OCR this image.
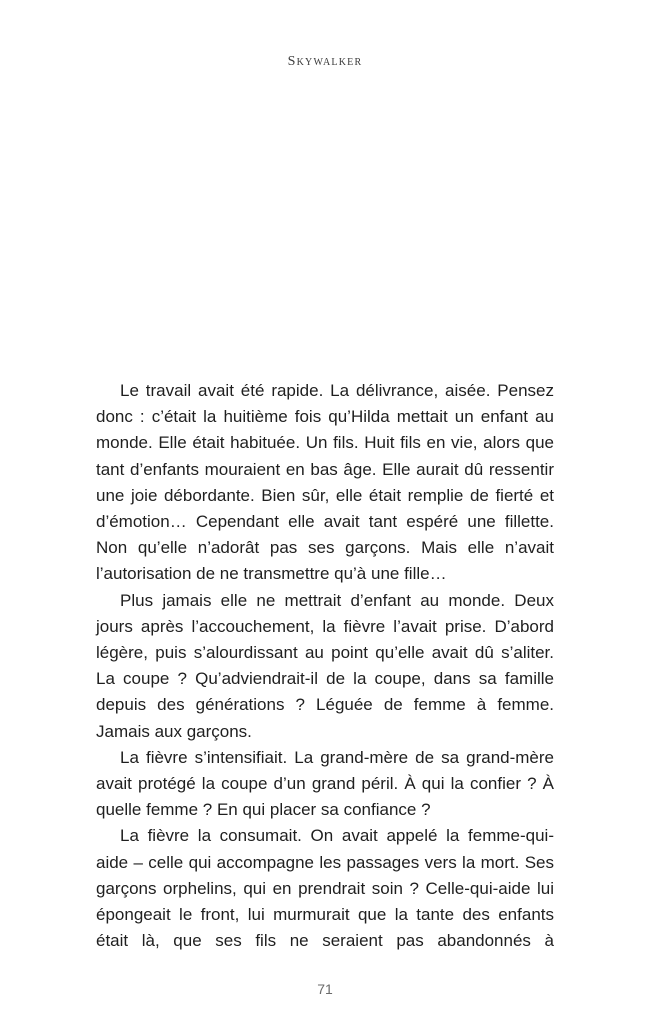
Skywalker

Le travail avait été rapide. La délivrance, aisée. Pensez donc : c’était la huitième fois qu’Hilda mettait un enfant au monde. Elle était habituée. Un fils. Huit fils en vie, alors que tant d’enfants mouraient en bas âge. Elle aurait dû ressentir une joie débordante. Bien sûr, elle était remplie de fierté et d’émotion… Cependant elle avait tant espéré une fillette. Non qu’elle n’adorât pas ses garçons. Mais elle n’avait l’autorisation de ne transmettre qu’à une fille…

Plus jamais elle ne mettrait d’enfant au monde. Deux jours après l’accouchement, la fièvre l’avait prise. D’abord légère, puis s’alourdissant au point qu’elle avait dû s’aliter. La coupe ? Qu’adviendrait-il de la coupe, dans sa famille depuis des générations ? Léguée de femme à femme. Jamais aux garçons.

La fièvre s’intensifiait. La grand-mère de sa grand-mère avait protégé la coupe d’un grand péril. À qui la confier ? À quelle femme ? En qui placer sa confiance ?

La fièvre la consumait. On avait appelé la femme-qui-aide – celle qui accompagne les passages vers la mort. Ses garçons orphelins, qui en prendrait soin ? Celle-qui-aide lui épongeait le front, lui murmurait que la tante des enfants était là, que ses fils ne seraient pas abandonnés à

71
